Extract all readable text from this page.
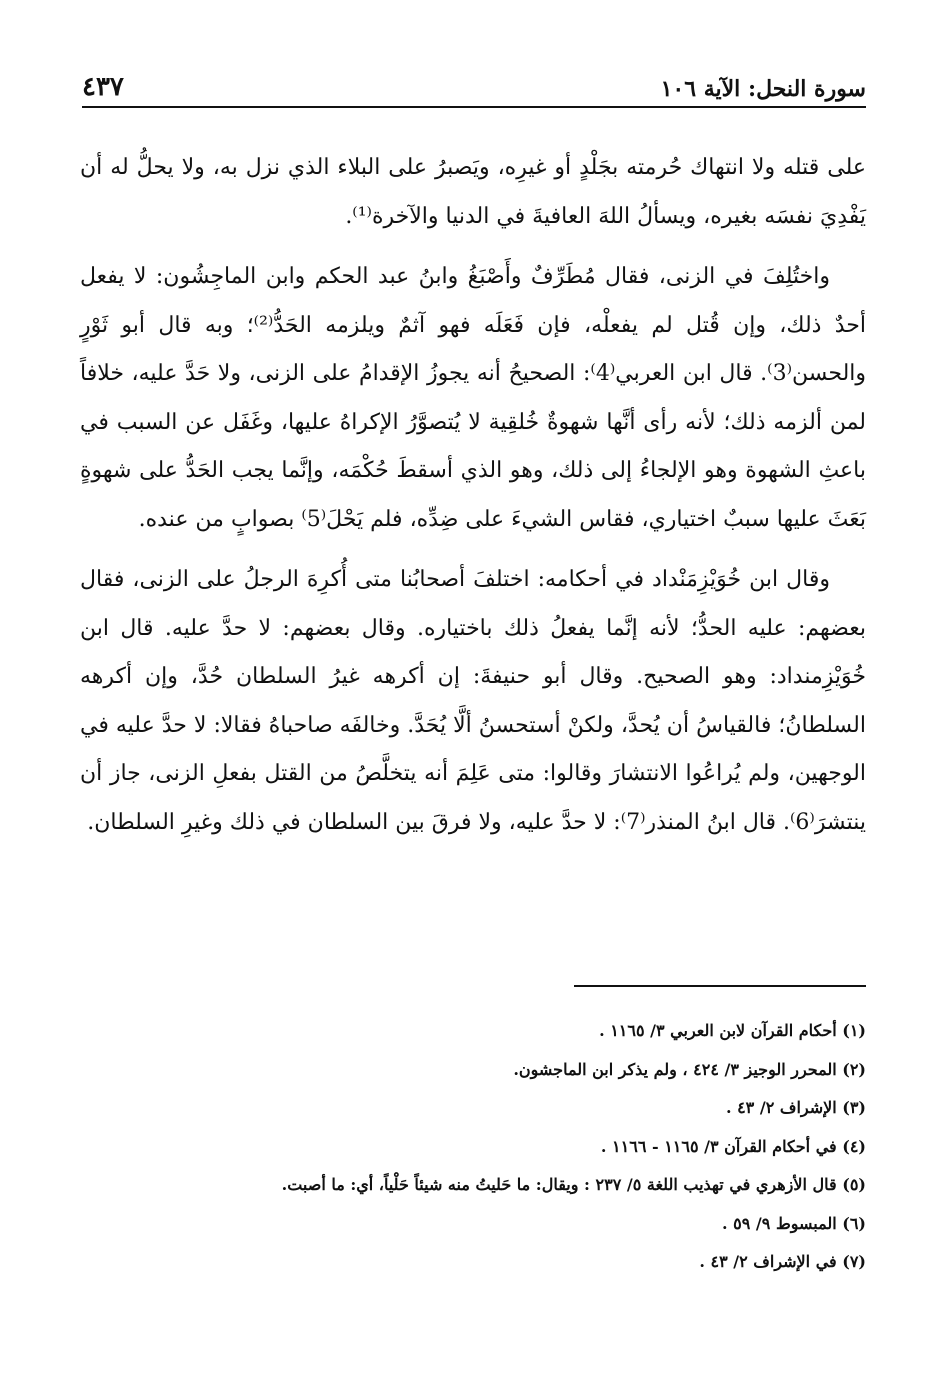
سورة النحل: الآية ١٠٦
٤٣٧

على قتله ولا انتهاك حُرمته بجَلْدٍ أو غيرِه، ويَصبرُ على البلاء الذي نزل به، ولا يحلُّ له أن يَفْدِيَ نفسَه بغيره، ويسألُ اللهَ العافيةَ في الدنيا والآخرة⁽¹⁾.

واختُلِفَ في الزنى، فقال مُطَرِّفٌ وأَصْبَغُ وابنُ عبد الحكم وابن الماجِشُون: لا يفعل أحدٌ ذلك، وإن قُتل لم يفعلْه، فإن فَعَلَه فهو آثمٌ ويلزمه الحَدُّ⁽²⁾؛ وبه قال أبو ثَوْرٍ والحسن⁽3⁾. قال ابن العربي⁽4⁾: الصحيحُ أنه يجوزُ الإقدامُ على الزنى، ولا حَدَّ عليه، خلافاً لمن ألزمه ذلك؛ لأنه رأى أنَّها شهوةٌ خُلقِية لا يُتصوَّرُ الإكراهُ عليها، وغَفَل عن السبب في باعثِ الشهوة وهو الإلجاءُ إلى ذلك، وهو الذي أسقطَ حُكْمَه، وإنَّما يجب الحَدُّ على شهوةٍ بَعَثَ عليها سببٌ اختياري، فقاس الشيءَ على ضِدِّه، فلم يَحْلَ⁽5⁾ بصوابٍ من عنده.

وقال ابن خُوَيْزِمَنْداد في أحكامه: اختلفَ أصحابُنا متى أُكرِهَ الرجلُ على الزنى، فقال بعضهم: عليه الحدُّ؛ لأنه إنَّما يفعلُ ذلك باختياره. وقال بعضهم: لا حدَّ عليه. قال ابن خُوَيْزِمنداد: وهو الصحيح. وقال أبو حنيفةَ: إن أكرهه غيرُ السلطان حُدَّ، وإن أكرهه السلطانُ؛ فالقياسُ أن يُحدَّ، ولكنْ أستحسنُ ألَّا يُحَدَّ. وخالفَه صاحباهُ فقالا: لا حدَّ عليه في الوجهين، ولم يُراعُوا الانتشارَ وقالوا: متى عَلِمَ أنه يتخلَّصُ من القتل بفعلِ الزنى، جاز أن ينتشرَ⁽6⁾. قال ابنُ المنذر⁽7⁾: لا حدَّ عليه، ولا فرقَ بين السلطان في ذلك وغيرِ السلطان.

(١) أحكام القرآن لابن العربي ٣/ ١١٦٥ .
(٢) المحرر الوجيز ٣/ ٤٢٤ ، ولم يذكر ابن الماجشون.
(٣) الإشراف ٢/ ٤٣ .
(٤) في أحكام القرآن ٣/ ١١٦٥ - ١١٦٦ .
(٥) قال الأزهري في تهذيب اللغة ٥/ ٢٣٧ : ويقال: ما حَليتُ منه شيئاً حَلْياً، أي: ما أصبت.
(٦) المبسوط ٩/ ٥٩ .
(٧) في الإشراف ٢/ ٤٣ .
